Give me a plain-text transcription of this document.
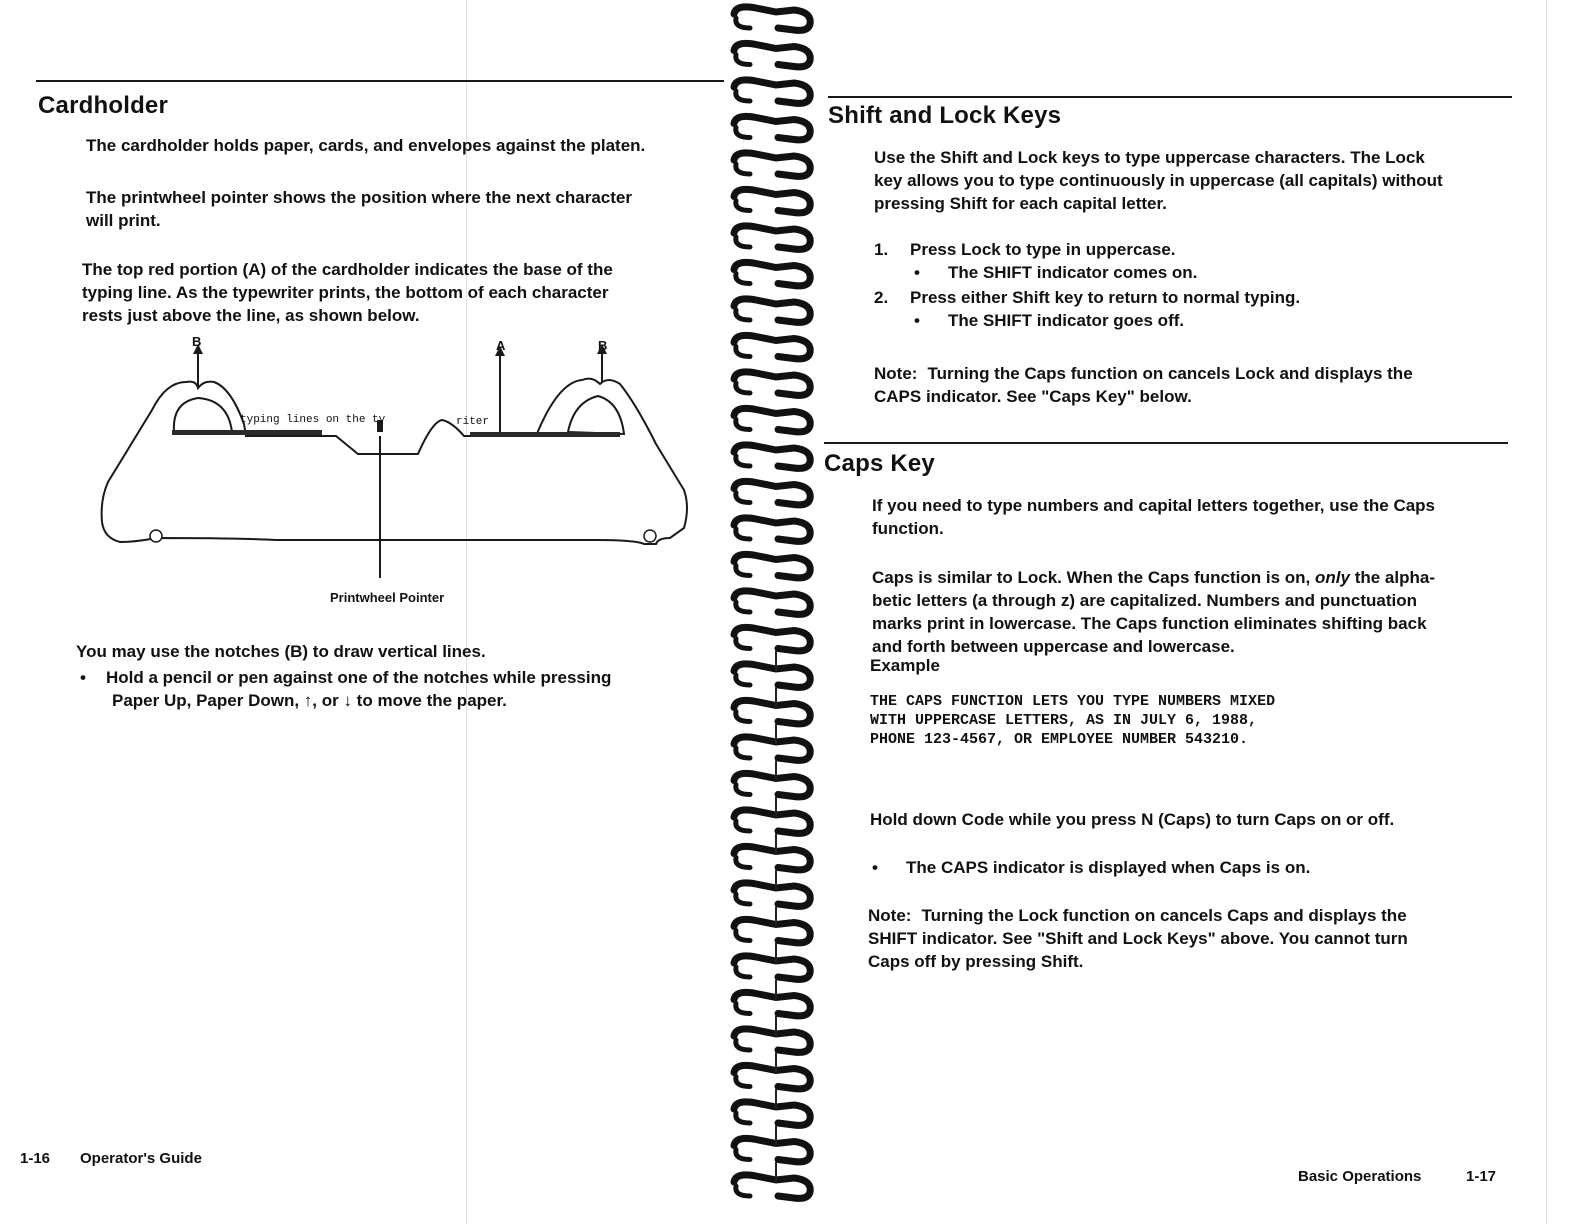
Cardholder

The cardholder holds paper, cards, and envelopes against the platen.

The printwheel pointer shows the position where the next character
will print.

The top red portion (A) of the cardholder indicates the base of the
typing line. As the typewriter prints, the bottom of each character
rests just above the line, as shown below.

B	A	B
typing lines on the ty	riter
Printwheel Pointer

You may use the notches (B) to draw vertical lines.

• Hold a pencil or pen against one of the notches while pressing
Paper Up, Paper Down, ↑, or ↓ to move the paper.

1-16 Operator's Guide
Shift and Lock Keys

Use the Shift and Lock keys to type uppercase characters. The Lock
key allows you to type continuously in uppercase (all capitals) without
pressing Shift for each capital letter.

1. Press Lock to type in uppercase.
• The SHIFT indicator comes on.

2. Press either Shift key to return to normal typing.
• The SHIFT indicator goes off.

Note: Turning the Caps function on cancels Lock and displays the
CAPS indicator. See "Caps Key" below.

Caps Key

If you need to type numbers and capital letters together, use the Caps
function.

Caps is similar to Lock. When the Caps function is on, only the alpha-
betic letters (a through z) are capitalized. Numbers and punctuation
marks print in lowercase. The Caps function eliminates shifting back
and forth between uppercase and lowercase.

Example

THE CAPS FUNCTION LETS YOU TYPE NUMBERS MIXED

WITH UPPERCASE LETTERS, AS IN JULY 6, 1988,

PHONE 123-4567, OR EMPLOYEE NUMBER 543210.

Hold down Code while you press N (Caps) to turn Caps on or off.

• The CAPS indicator is displayed when Caps is on.

Note: Turning the Lock function on cancels Caps and displays the
SHIFT indicator. See "Shift and Lock Keys" above. You cannot turn
Caps off by pressing Shift.

Basic Operations	1-17
